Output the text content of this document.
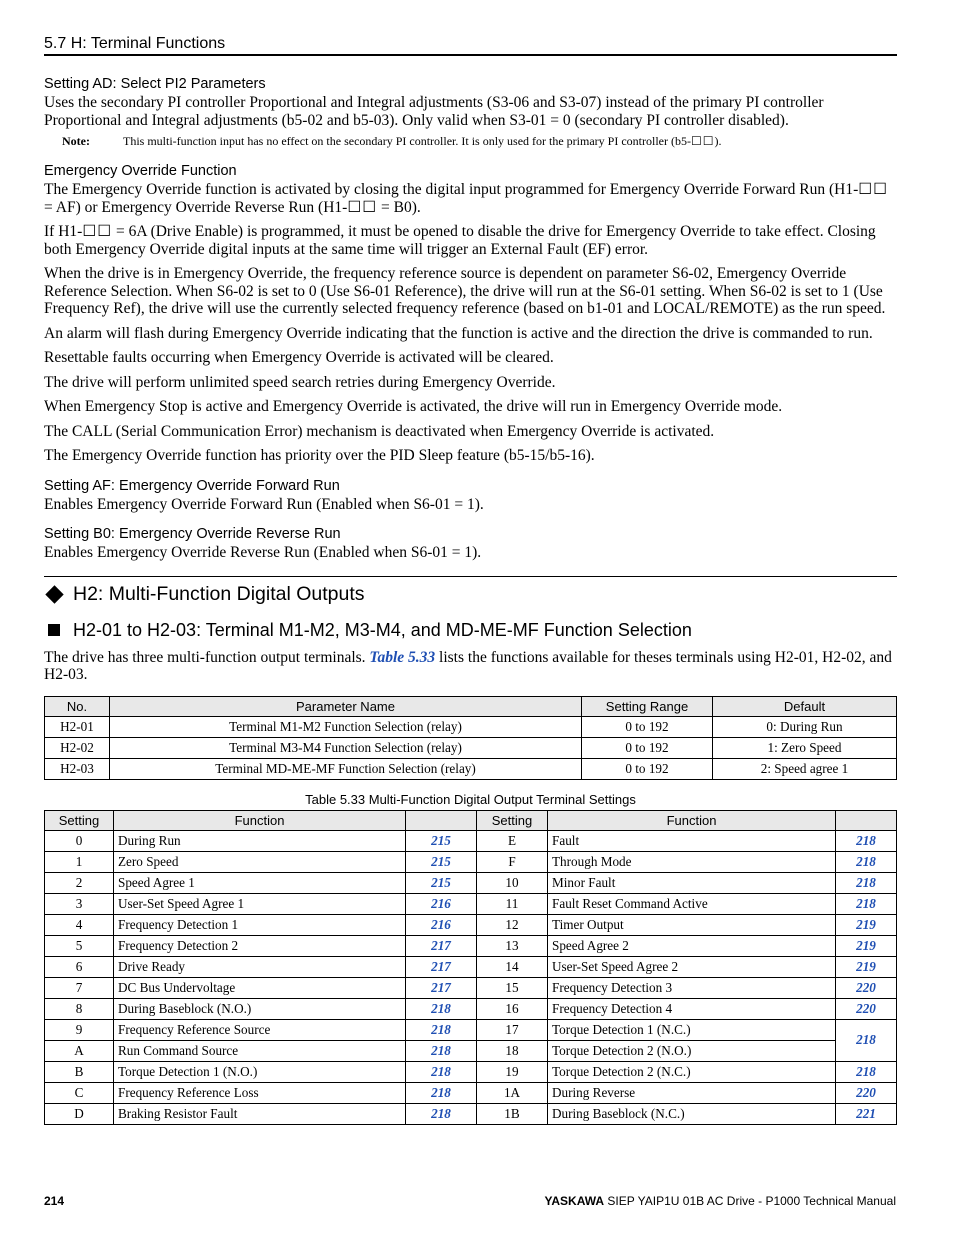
5.7 H: Terminal Functions
Setting AD: Select PI2 Parameters

Uses the secondary PI controller Proportional and Integral adjustments (S3-06 and S3-07) instead of the primary PI controller Proportional and Integral adjustments (b5-02 and b5-03). Only valid when S3-01 = 0 (secondary PI controller disabled).

Note:	This multi-function input has no effect on the secondary PI controller. It is only used for the primary PI controller (b5-☐☐).
Emergency Override Function

The Emergency Override function is activated by closing the digital input programmed for Emergency Override Forward Run (H1-☐☐ = AF) or Emergency Override Reverse Run (H1-☐☐ = B0).

If H1-☐☐ = 6A (Drive Enable) is programmed, it must be opened to disable the drive for Emergency Override to take effect. Closing both Emergency Override digital inputs at the same time will trigger an External Fault (EF) error.

When the drive is in Emergency Override, the frequency reference source is dependent on parameter S6-02, Emergency Override Reference Selection. When S6-02 is set to 0 (Use S6-01 Reference), the drive will run at the S6-01 setting. When S6-02 is set to 1 (Use Frequency Ref), the drive will use the currently selected frequency reference (based on b1-01 and LOCAL/REMOTE) as the run speed.

An alarm will flash during Emergency Override indicating that the function is active and the direction the drive is commanded to run.

Resettable faults occurring when Emergency Override is activated will be cleared.

The drive will perform unlimited speed search retries during Emergency Override.

When Emergency Stop is active and Emergency Override is activated, the drive will run in Emergency Override mode.

The CALL (Serial Communication Error) mechanism is deactivated when Emergency Override is activated.

The Emergency Override function has priority over the PID Sleep feature (b5-15/b5-16).

Setting AF: Emergency Override Forward Run

Enables Emergency Override Forward Run (Enabled when S6-01 = 1).

Setting B0: Emergency Override Reverse Run

Enables Emergency Override Reverse Run (Enabled when S6-01 = 1).

H2: Multi-Function Digital Outputs
H2-01 to H2-03: Terminal M1-M2, M3-M4, and MD-ME-MF Function Selection

The drive has three multi-function output terminals. Table 5.33 lists the functions available for theses terminals using H2-01, H2-02, and H2-03.

No.	Parameter Name	Setting Range	Default
H2-01	Terminal M1-M2 Function Selection (relay)	0 to 192	0: During Run
H2-02	Terminal M3-M4 Function Selection (relay)	0 to 192	1: Zero Speed
H2-03	Terminal MD-ME-MF Function Selection (relay)	0 to 192	2: Speed agree 1
Table 5.33 Multi-Function Digital Output Terminal Settings
Setting	Function		Setting	Function	
0	During Run	215	E	Fault	218
1	Zero Speed	215	F	Through Mode	218
2	Speed Agree 1	215	10	Minor Fault	218
3	User-Set Speed Agree 1	216	11	Fault Reset Command Active	218
4	Frequency Detection 1	216	12	Timer Output	219
5	Frequency Detection 2	217	13	Speed Agree 2	219
6	Drive Ready	217	14	User-Set Speed Agree 2	219
7	DC Bus Undervoltage	217	15	Frequency Detection 3	220
8	During Baseblock (N.O.)	218	16	Frequency Detection 4	220
9	Frequency Reference Source	218	17	Torque Detection 1 (N.C.)	218
A	Run Command Source	218	18	Torque Detection 2 (N.O.)	
B	Torque Detection 1 (N.O.)	218	19	Torque Detection 2 (N.C.)	218
C	Frequency Reference Loss	218	1A	During Reverse	220
D	Braking Resistor Fault	218	1B	During Baseblock (N.C.)	221
214	YASKAWA SIEP YAIP1U 01B AC Drive - P1000 Technical Manual
